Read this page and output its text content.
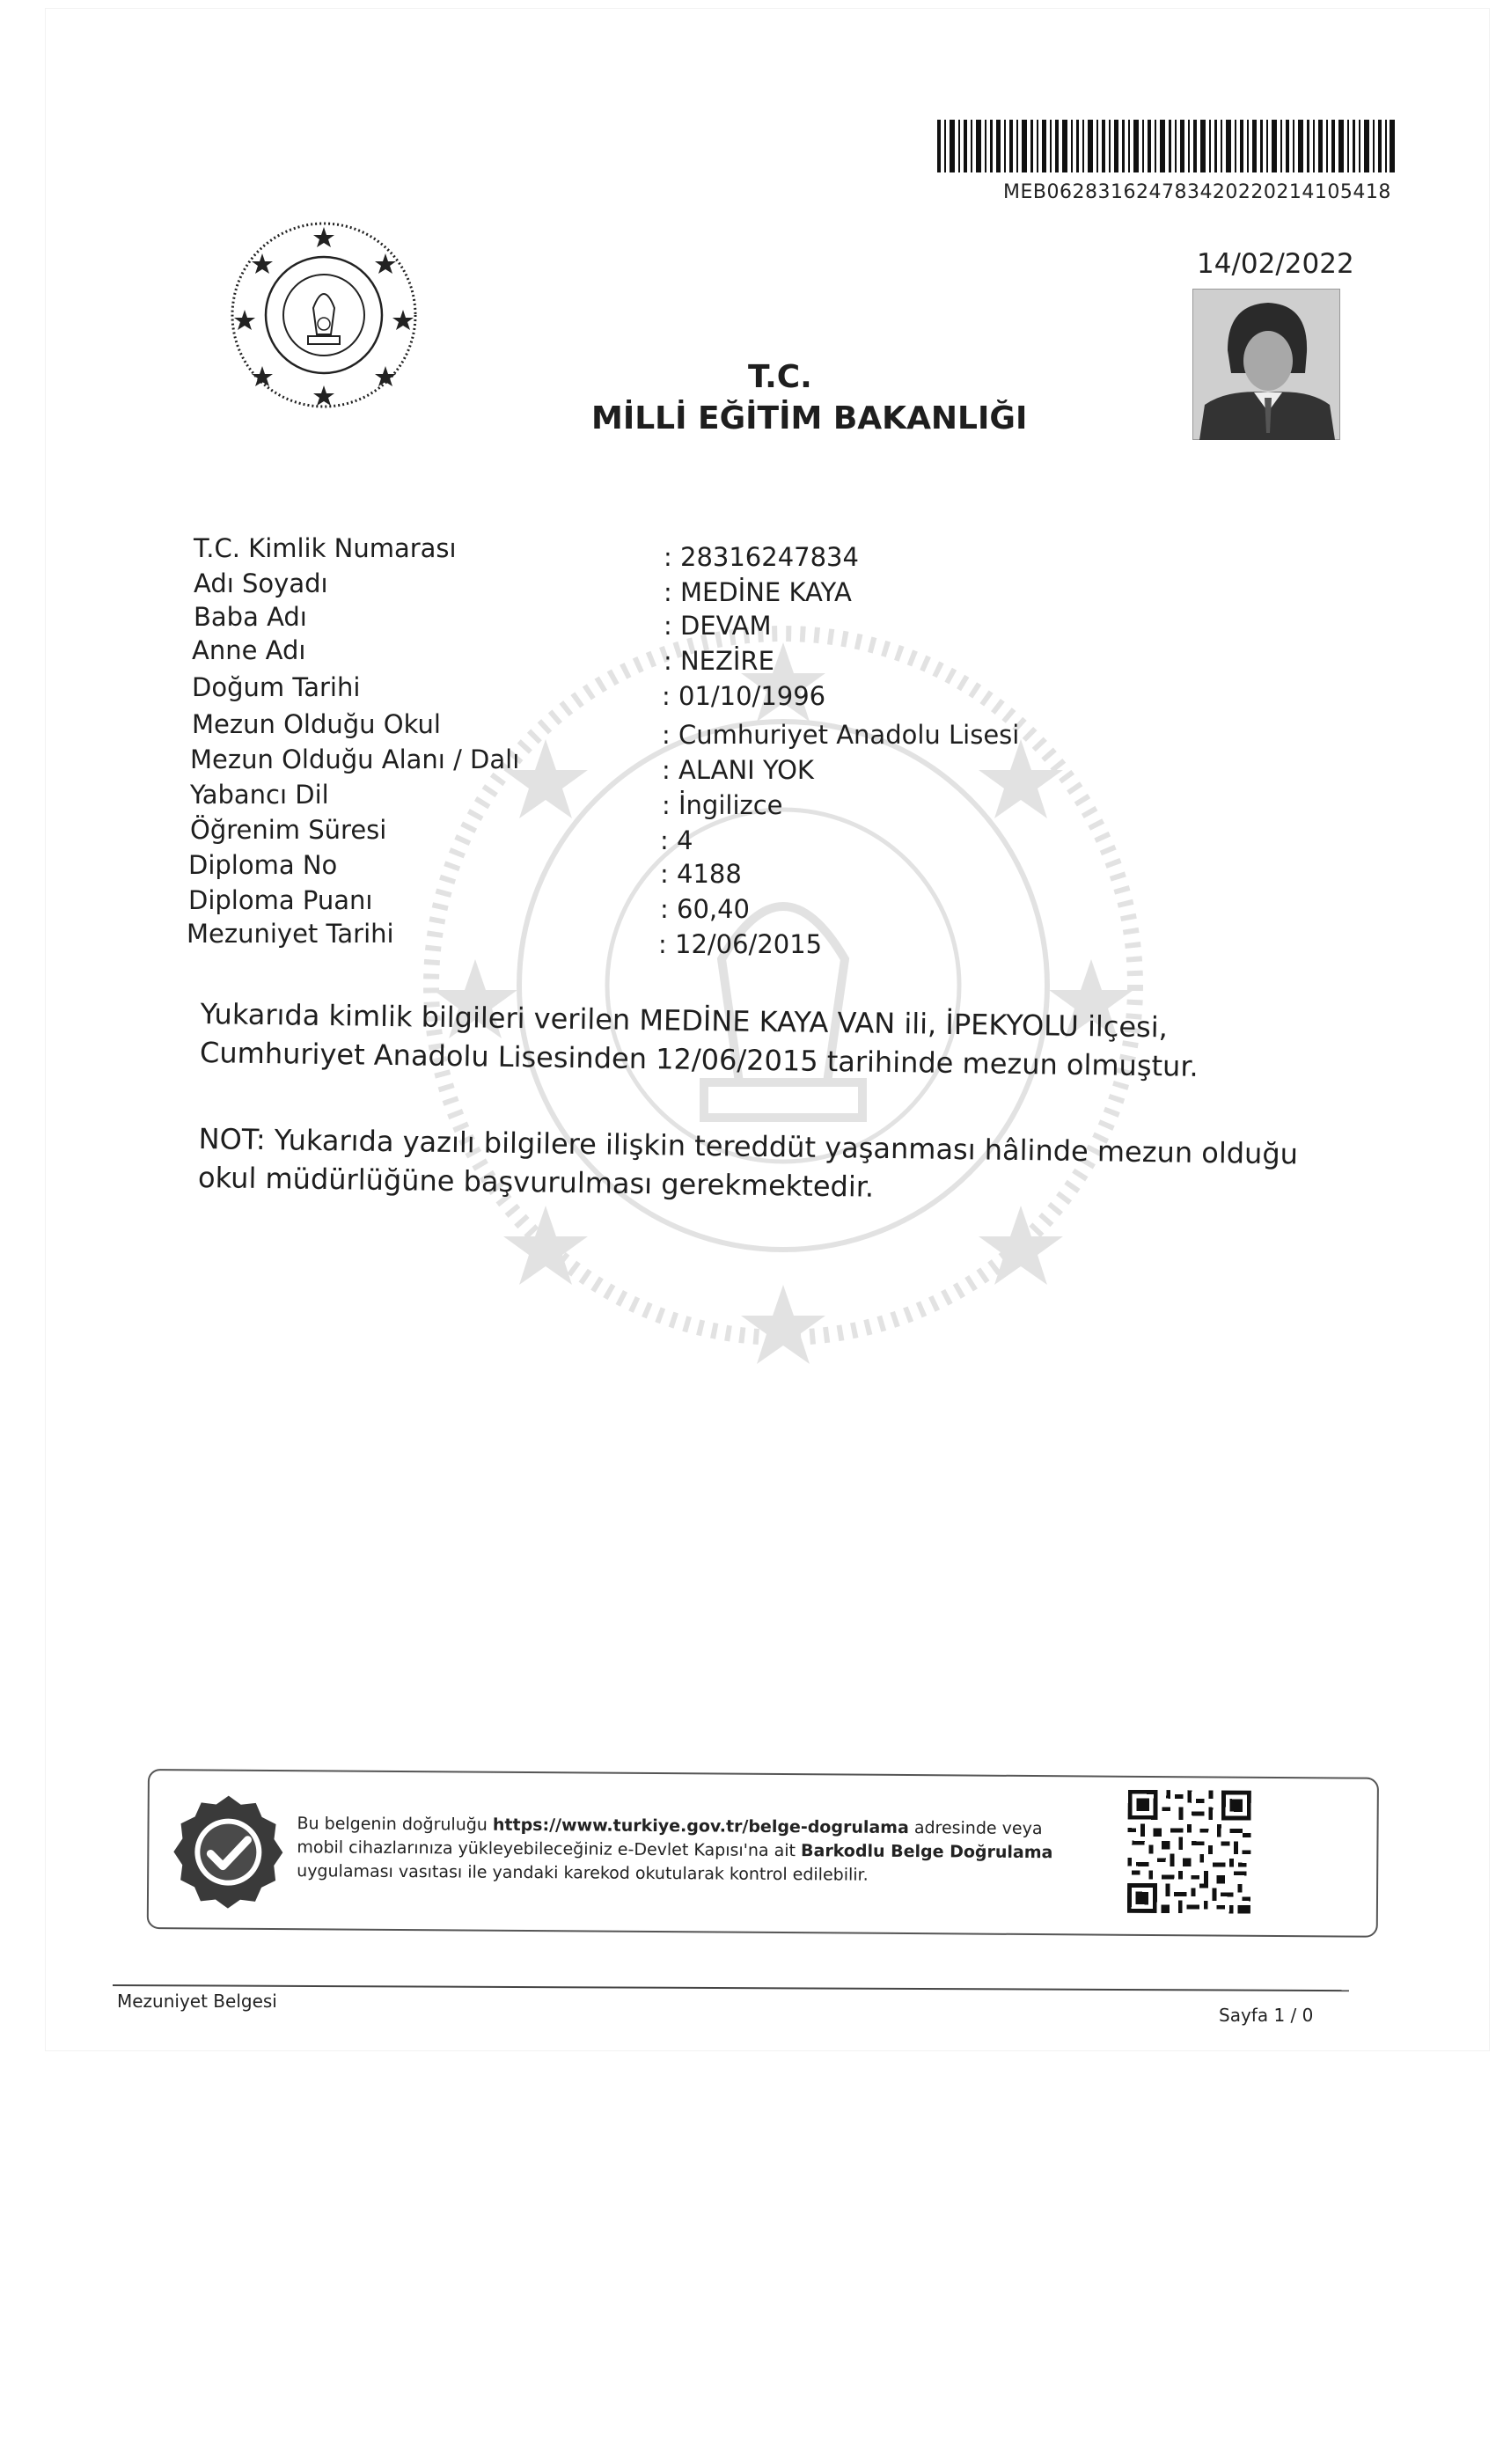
MEB062831624783420220214105418
14/02/2022
T.C.
MİLLİ EĞİTİM BAKANLIĞI
T.C. Kimlik Numarası	: 28316247834
Adı Soyadı	: MEDİNE KAYA
Baba Adı	: DEVAM
Anne Adı	: NEZİRE
Doğum Tarihi	: 01/10/1996
Mezun Olduğu Okul	: Cumhuriyet Anadolu Lisesi
Mezun Olduğu Alanı / Dalı	: ALANI YOK
Yabancı Dil	: İngilizce
Öğrenim Süresi	: 4
Diploma No	: 4188
Diploma Puanı	: 60,40
Mezuniyet Tarihi	: 12/06/2015
Yukarıda kimlik bilgileri verilen MEDİNE KAYA VAN ili, İPEKYOLU ilçesi, Cumhuriyet Anadolu Lisesinden 12/06/2015 tarihinde mezun olmuştur.
NOT: Yukarıda yazılı bilgilere ilişkin tereddüt yaşanması hâlinde mezun olduğu okul müdürlüğüne başvurulması gerekmektedir.
Bu belgenin doğruluğu https://www.turkiye.gov.tr/belge-dogrulama adresinde veya mobil cihazlarınıza yükleyebileceğiniz e-Devlet Kapısı'na ait Barkodlu Belge Doğrulama uygulaması vasıtası ile yandaki karekod okutularak kontrol edilebilir.
Mezuniyet Belgesi
Sayfa 1 / 0
